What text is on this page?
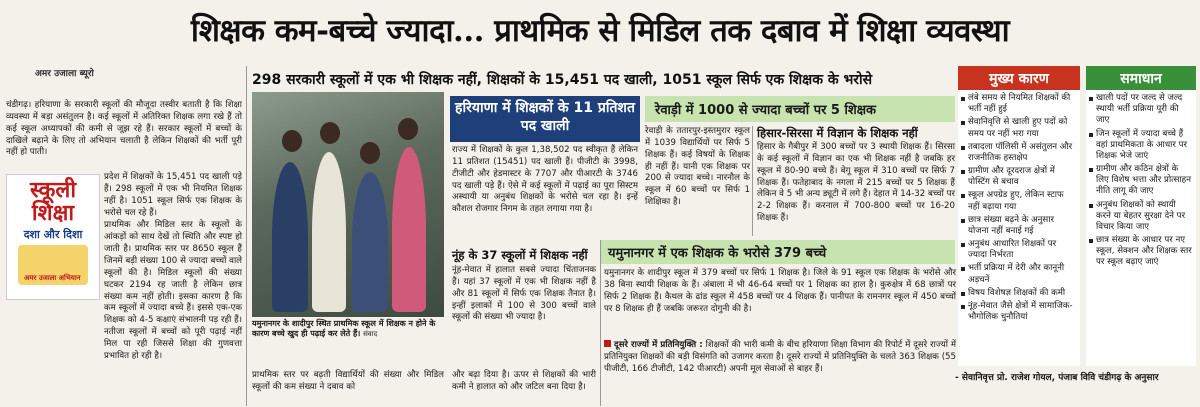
शिक्षक कम-बच्चे ज्यादा... प्राथमिक से मिडिल तक दबाव में शिक्षा व्यवस्था
अमर उजाला ब्यूरो

चंडीगढ़। हरियाणा के सरकारी स्कूलों की मौजूदा तस्वीर बताती है कि शिक्षा व्यवस्था में बड़ा असंतुलन है। कई स्कूलों में अतिरिक्त शिक्षक लगा रखे हैं तो कई स्कूल अध्यापकों की कमी से जूझ रहे हैं। सरकार स्कूलों में बच्चों के दाखिले बढ़ाने के लिए तो अभियान चलाती है लेकिन शिक्षकों की भर्ती पूरी नहीं हो पाती।

प्रदेश में शिक्षकों के 15,451 पद खाली पड़े हैं। 298 स्कूलों में एक भी नियमित शिक्षक नहीं है। 1051 स्कूल सिर्फ एक शिक्षक के भरोसे चल रहे हैं।

प्राथमिक और मिडिल स्तर के स्कूलों के आंकड़ों को साथ देखें तो स्थिति और स्पष्ट हो जाती है। प्राथमिक स्तर पर 8650 स्कूल हैं जिनमें बड़ी संख्या 100 से ज्यादा बच्चों वाले स्कूलों की है। मिडिल स्कूलों की संख्या घटकर 2194 रह जाती है लेकिन छात्र संख्या कम नहीं होती। इसका कारण है कि कम स्कूलों में ज्यादा बच्चे हैं। इससे एक-एक शिक्षक को 4-5 कक्षाएं संभालनी पड़ रही हैं। नतीजा स्कूलों में बच्चों को पूरी पढ़ाई नहीं मिल पा रही जिससे शिक्षा की गुणवत्ता प्रभावित हो रही है।

स्कूली
शिक्षा
दशा और दिशा
अमर उजाला अभियान
298 सरकारी स्कूलों में एक भी शिक्षक नहीं, शिक्षकों के 15,451 पद खाली, 1051 स्कूल सिर्फ एक शिक्षक के भरोसे
यमुनानगर के शादीपुर स्थित प्राथमिक स्कूल में शिक्षक न होने के कारण बच्चे खुद ही पढ़ाई कर लेते हैं। संवाद
हरियाणा में शिक्षकों के 11 प्रतिशत पद खाली
राज्य में शिक्षकों के कुल 1,38,502 पद स्वीकृत हैं लेकिन 11 प्रतिशत (15451) पद खाली हैं। पीजीटी के 3998, टीजीटी और हेडमास्टर के 7707 और पीआरटी के 3746 पद खाली पड़े हैं। ऐसे में कई स्कूलों में पढ़ाई का पूरा सिस्टम अस्थायी या अनुबंध शिक्षकों के भरोसे चल रहा है। इन्हें कौशल रोजगार निगम के तहत लगाया गया है।
नूंह के 37 स्कूलों में शिक्षक नहीं
नूंह-मेवात में हालात सबसे ज्यादा चिंताजनक हैं। यहां 37 स्कूलों में एक भी शिक्षक नहीं है और 81 स्कूलों में सिर्फ एक शिक्षक तैनात है। इन्हीं इलाकों में 100 से 300 बच्चों वाले स्कूलों की संख्या भी ज्यादा है।
प्राथमिक स्तर पर बढ़ती विद्यार्थियों की संख्या और मिडिल स्कूलों की कम संख्या ने दबाव को
और बढ़ा दिया है। ऊपर से शिक्षकों की भारी कमी ने हालात को और जटिल बना दिया है।
रेवाड़ी में 1000 से ज्यादा बच्चों पर 5 शिक्षक
रेवाड़ी के ततारपुर-इस्तमुरार स्कूल में 1039 विद्यार्थियों पर सिर्फ 5 शिक्षक हैं। कई विषयों के शिक्षक ही नहीं हैं। यानी एक शिक्षक पर 200 से ज्यादा बच्चे। नारनौल के स्कूल में 60 बच्चों पर सिर्फ 1 शिक्षिका है।
हिसार-सिरसा में विज्ञान के शिक्षक नहीं
हिसार के गैबीपुर में 300 बच्चों पर 3 स्थायी शिक्षक हैं। सिरसा के कई स्कूलों में विज्ञान का एक भी शिक्षक नहीं है जबकि हर स्कूल में 80-90 बच्चे हैं। बेगू स्कूल में 310 बच्चों पर सिर्फ 7 शिक्षक हैं। फतेहाबाद के नगला में 215 बच्चों पर 5 शिक्षक हैं लेकिन वे 5 भी अन्य ड्यूटी में लगे हैं। देहात में 14-32 बच्चों पर 2-2 शिक्षक हैं। करनाल में 700-800 बच्चों पर 16-20 शिक्षक हैं।
यमुनानगर में एक शिक्षक के भरोसे 379 बच्चे
यमुनानगर के शादीपुर स्कूल में 379 बच्चों पर सिर्फ 1 शिक्षक है। जिले के 91 स्कूल एक शिक्षक के भरोसे और 38 बिना स्थायी शिक्षक के हैं। अंबाला में भी 46-64 बच्चों पर 1 शिक्षक का हाल है। कुरुक्षेत्र में 68 छात्रों पर सिर्फ 2 शिक्षक हैं। कैथल के ढांड स्कूल में 458 बच्चों पर 4 शिक्षक हैं। पानीपत के रामनगर स्कूल में 450 बच्चों पर 8 शिक्षक ही हैं जबकि जरूरत दोगुनी की है।
दूसरे राज्यों में प्रतिनियुक्ति : शिक्षकों की भारी कमी के बीच हरियाणा शिक्षा विभाग की रिपोर्ट में दूसरे राज्यों में प्रतिनियुक्त शिक्षकों की बड़ी विसंगति को उजागर करता है। दूसरे राज्यों में प्रतिनियुक्ति के चलते 363 शिक्षक (55 पीजीटी, 166 टीजीटी, 142 पीआरटी) अपनी मूल सेवाओं से बाहर हैं।
मुख्य कारण
लंबे समय से नियमित शिक्षकों की भर्ती नहीं हुई
सेवानिवृत्ति से खाली हुए पदों को समय पर नहीं भरा गया
तबादला पॉलिसी में असंतुलन और राजनीतिक हस्तक्षेप
ग्रामीण और दूरदराज क्षेत्रों में पोस्टिंग से बचाव
स्कूल अपग्रेड हुए, लेकिन स्टाफ नहीं बढ़ाया गया
छात्र संख्या बढ़ने के अनुसार योजना नहीं बनाई गई
अनुबंध आधारित शिक्षकों पर ज्यादा निर्भरता
भर्ती प्रक्रिया में देरी और कानूनी अड़चनें
विषय विशेषज्ञ शिक्षकों की कमी
नूंह-मेवात जैसे क्षेत्रों में सामाजिक-भौगोलिक चुनौतियां
समाधान
खाली पदों पर जल्द से जल्द स्थायी भर्ती प्रक्रिया पूरी की जाए
जिन स्कूलों में ज्यादा बच्चे हैं वहां प्राथमिकता के आधार पर शिक्षक भेजे जाएं
ग्रामीण और कठिन क्षेत्रों के लिए विशेष भत्ता और प्रोत्साहन नीति लागू की जाए
अनुबंध शिक्षकों को स्थायी करने या बेहतर सुरक्षा देने पर विचार किया जाए
छात्र संख्या के आधार पर नए स्कूल, सेक्शन और शिक्षक स्तर पर स्कूल बढ़ाए जाएं
- सेवानिवृत्त प्रो. राजेश गोयल, पंजाब विवि चंडीगढ़ के अनुसार
